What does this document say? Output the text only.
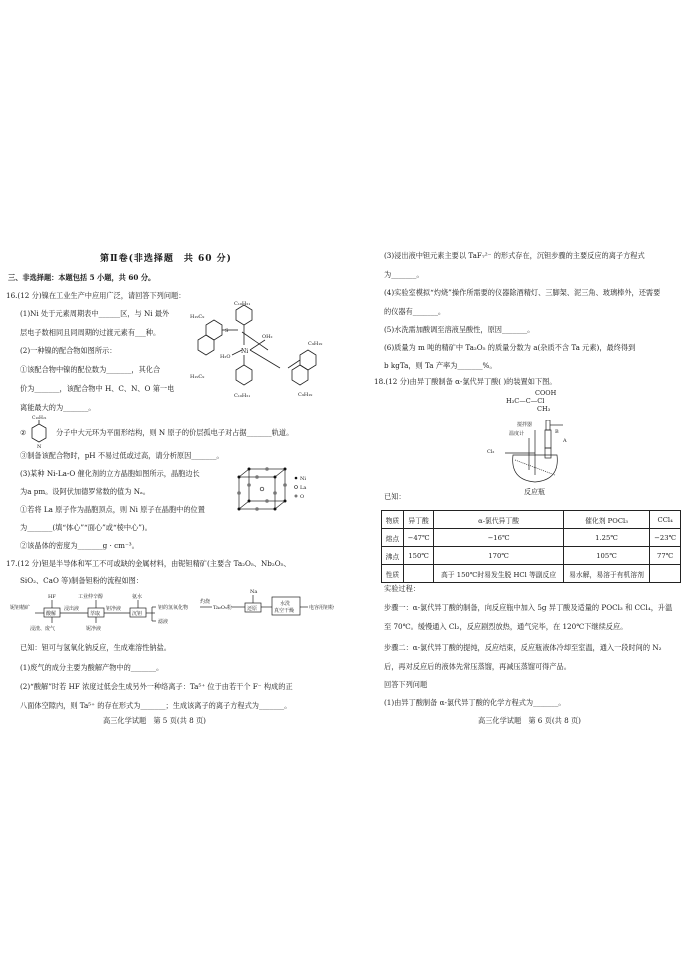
第Ⅱ卷(非选择题　共 60 分)
三、非选择题：本题包括 5 小题，共 60 分。
16.(12 分)镍在工业生产中应用广泛，请回答下列问题：
(1)Ni 处于元素周期表中______区，与 Ni 最外
层电子数相同且同周期的过渡元素有___种。
(2)一种镍的配合物如图所示：
①该配合物中镍的配位数为_______，其化合
价为_______，该配合物中 H、C、N、O 第一电
离能最大的为_______。
C₁₀H₂₁
H₁₉C₉
C₉H₁₉
H₂O
OH₂
Ni
S
C₁₀H₂₁
H₁₉C₉
C₉H₁₉
②
C₁₀H₂₁
N
分子中大元环为平面形结构，则 N 原子的价层孤电子对占据_______轨道。
③制备该配合物时，pH 不易过低或过高，请分析原因_______。
(3)某种 Ni-La-O 催化剂的立方晶胞如图所示，晶胞边长
为a pm。设阿伏加德罗常数的值为 Nₐ。
①若将 La 原子作为晶胞顶点，则 Ni 原子在晶胞中的位置
为_______(填“体心”“面心”或“棱中心”)。
②该晶体的密度为_______g · cm⁻³。
Ni
La
O
17.(12 分)钽是半导体和军工不可或缺的金属材料，由铌钽精矿(主要含 Ta₂O₅、Nb₂O₅、
SiO₂、CaO 等)制备钽粉的流程如图：
铌钽精矿
HF
酸解
浸渣、废气
浸出液
工业仲辛醇
萃取
钽净液
铌净液
氨水
沉钽
钽的氢氧化物
滤液
灼烧
Ta₂O₅粉
Na
还原
水洗
真空干燥	电容用钽粉
已知：钽可与氢氧化钠反应，生成难溶性钠盐。
(1)废气的成分主要为酸解产物中的_______。
(2)“酸解”时若 HF 浓度过低会生成另外一种络离子：Ta⁵⁺ 位于由若干个 F⁻ 构成的正
八面体空隙内，则 Ta⁵⁺ 的存在形式为_______；生成该离子的离子方程式为_______。
高三化学试题　第 5 页(共 8 页)
(3)浸出液中钽元素主要以 TaF₇²⁻ 的形式存在，沉钽步骤的主要反应的离子方程式
为_______。
(4)实验室模拟“灼烧”操作所需要的仪器除酒精灯、三脚架、泥三角、玻璃棒外，还需要
的仪器有_______。
(5)水洗需加酸调至溶液呈酸性，原因_______。
(6)质量为 m 吨的精矿中 Ta₂O₅ 的质量分数为 a(杂质不含 Ta 元素)，最终得到
b kgTa，则 Ta 产率为_______%。
18.(12 分)由异丁酸制备 α-氯代异丁酸( )的装置如下图。
COOH
H₃C—C—Cl
CH₃
搅拌器
温度计
Cl₂
A
B
反应瓶
已知：
物质	异丁酸	α-氯代异丁酸	催化剂 POCl₃	CCl₄
熔点	−47℃	−16℃	1.25℃	−23℃
沸点	150℃	170℃	105℃	77℃
性质		高于 150℃时易发生脱 HCl 等副反应	易水解，易溶于有机溶剂	
实验过程：
步骤一：α-氯代异丁酸的制备，向反应瓶中加入 5g 异丁酸及适量的 POCl₃ 和 CCl₄，升温
至 70℃。缓慢通入 Cl₂，反应剧烈放热，通气完毕，在 120℃下继续反应。
步骤二：α-氯代异丁酸的提纯，反应结束，反应瓶液体冷却至室温，通入一段时间的 N₂
后，再对反应后的液体先常压蒸馏，再减压蒸馏可得产品。
回答下列问题
(1)由异丁酸制备 α-氯代异丁酸的化学方程式为_______。
高三化学试题　第 6 页(共 8 页)
